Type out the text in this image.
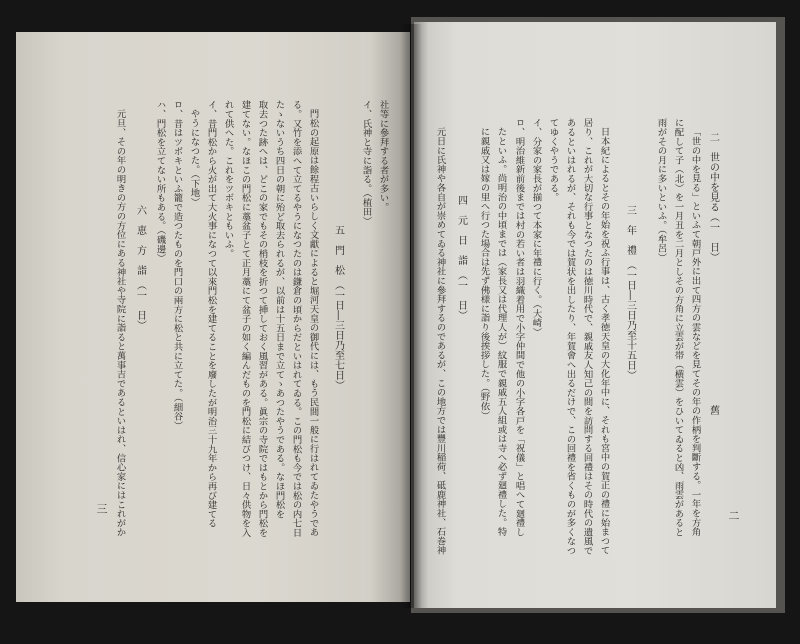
社等に參拜する者が多い。
イ、氏神と寺に詣る。（植田）
五　門　松　（一日―三日乃至七日）
門松の起原は餘程古いらしく文獻によると堀河天皇の御代には、もう民間一般に行はれてゐたやうであ
る。又竹を添へて立てるやうになつたのは鎌倉の頃からだといはれてゐる。この門松も今では松の内七日
たゝないうち四日の朝に殆ど取去られるが、以前は十五日まで立てゝあつたやうである。なほ門松を
取去つた跡へは、どこの家でもその梢枝を折つて挿しておく風習がある。眞宗の寺院ではもとから門松を
建てない。なほこの門松に藁盆子とて正月藁にて盆子の如く編んだものを門松に結びつけ、日々供物を入
れて供へた。これをツボキともいふ。
イ、昔門松から火が出て大火事になつて以來門松を建てることを廢したが明治三十九年から再び建てる
やうになつた。（下地）
ロ、昔はツボキといふ籠で造つたものを門口の兩方に松と共に立てた。（細谷）
ハ、門松を立てない所もある。（磯邊）
六　恵　方　詣　（一　日）
元旦、その年の明きの方の方位にある神社や寺院に詣ると萬事吉であるといはれ、信心家にはこれがか
三
二　世の中を見る（一　日）
舊
「世の中を見る」といふて朝戸外に出て四方の雲などを見てその年の作柄を判斷する。一年を方角
に配して子（北）を一月丑を二月としその方角に立雲が帯（横雲）をひいてゐると凶、雨雲があると
雨がその月に多いといふ。（牟呂）
三　年　禮　（一日―三日乃至十五日）
日本紀によるとその年始を祝ふ行事は、古く孝徳天皇の大化年中に、それも宮中の賀正の禮に始まつて
居り、これが大切な行事となつたのは徳川時代で、親戚友人知己の間を訪問する回禮はその時代の遺風で
あるといはれるが、それも今では賀状を出したり、年賀會へ出るだけで、この回禮を省くものが多くなつ
てゆくやうである。
イ、分家の家長が揃つて本家に年禮に行く。（大崎）
ロ、明治維新前後までは村の若い者は羽織着用で小字仲間で他の小字各戸を「祝儀」と唱へて廻禮し
たといふ。尚明治の中頃までは（家長又は代理人が）紋服で親戚五人組或は寺へ必ず廻禮した。特
に親戚又は嫁の里へ行つた場合は先ず佛様に詣り後挨拶した。（野依）
四　元　日　詣　（一　日）
元日に氏神や各自が崇めてゐる神社に參拜するのであるが、この地方では豐川稲荷、砥鹿神社、石巻神	二
